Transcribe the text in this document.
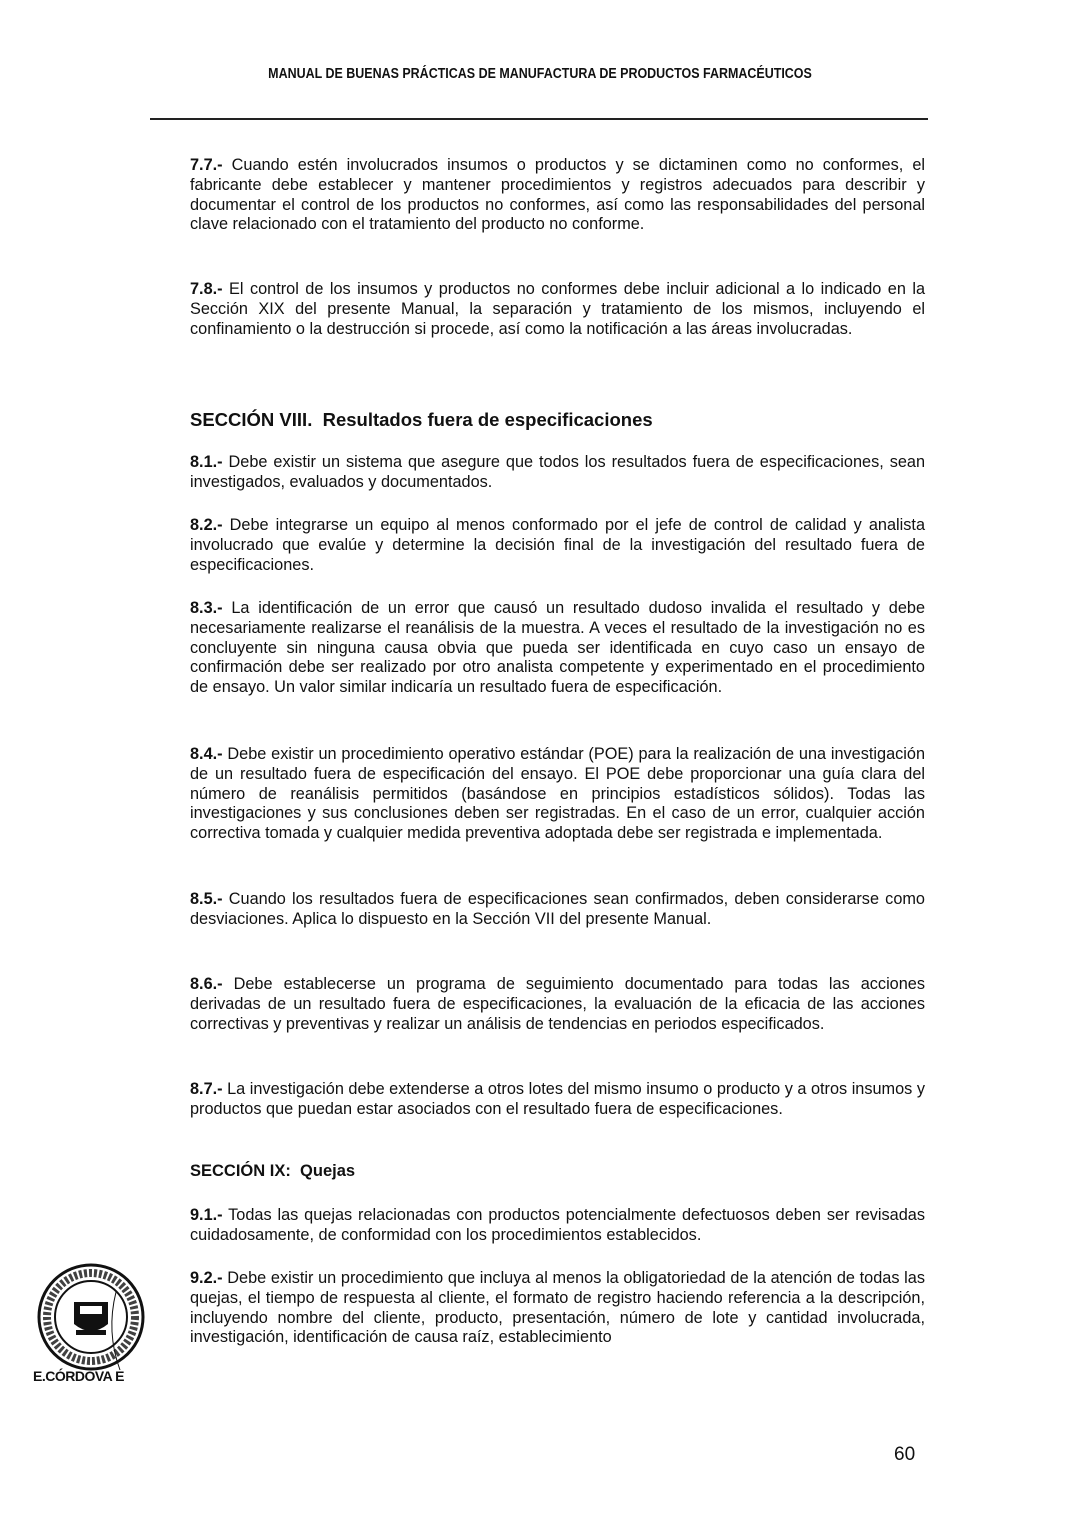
MANUAL DE BUENAS PRÁCTICAS DE MANUFACTURA DE PRODUCTOS FARMACÉUTICOS
7.7.- Cuando estén involucrados insumos o productos y se dictaminen como no conformes, el fabricante debe establecer y mantener procedimientos y registros adecuados para describir y documentar el control de los productos no conformes, así como las responsabilidades del personal clave relacionado con el tratamiento del producto no conforme.
7.8.- El control de los insumos y productos no conformes debe incluir adicional a lo indicado en la Sección XIX del presente Manual, la separación y tratamiento de los mismos, incluyendo el confinamiento o la destrucción si procede, así como la notificación a las áreas involucradas.
SECCIÓN VIII. Resultados fuera de especificaciones
8.1.- Debe existir un sistema que asegure que todos los resultados fuera de especificaciones, sean investigados, evaluados y documentados.
8.2.- Debe integrarse un equipo al menos conformado por el jefe de control de calidad y analista involucrado que evalúe y determine la decisión final de la investigación del resultado fuera de especificaciones.
8.3.- La identificación de un error que causó un resultado dudoso invalida el resultado y debe necesariamente realizarse el reanálisis de la muestra. A veces el resultado de la investigación no es concluyente sin ninguna causa obvia que pueda ser identificada en cuyo caso un ensayo de confirmación debe ser realizado por otro analista competente y experimentado en el procedimiento de ensayo. Un valor similar indicaría un resultado fuera de especificación.
8.4.- Debe existir un procedimiento operativo estándar (POE) para la realización de una investigación de un resultado fuera de especificación del ensayo. El POE debe proporcionar una guía clara del número de reanálisis permitidos (basándose en principios estadísticos sólidos). Todas las investigaciones y sus conclusiones deben ser registradas. En el caso de un error, cualquier acción correctiva tomada y cualquier medida preventiva adoptada debe ser registrada e implementada.
8.5.- Cuando los resultados fuera de especificaciones sean confirmados, deben considerarse como desviaciones. Aplica lo dispuesto en la Sección VII del presente Manual.
8.6.- Debe establecerse un programa de seguimiento documentado para todas las acciones derivadas de un resultado fuera de especificaciones, la evaluación de la eficacia de las acciones correctivas y preventivas y realizar un análisis de tendencias en periodos especificados.
8.7.- La investigación debe extenderse a otros lotes del mismo insumo o producto y a otros insumos y productos que puedan estar asociados con el resultado fuera de especificaciones.
SECCIÓN IX: Quejas
9.1.- Todas las quejas relacionadas con productos potencialmente defectuosos deben ser revisadas cuidadosamente, de conformidad con los procedimientos establecidos.
9.2.- Debe existir un procedimiento que incluya al menos la obligatoriedad de la atención de todas las quejas, el tiempo de respuesta al cliente, el formato de registro haciendo referencia a la descripción, incluyendo nombre del cliente, producto, presentación, número de lote y cantidad involucrada, investigación, identificación de causa raíz, establecimiento
E.CÓRDOVA E
60
